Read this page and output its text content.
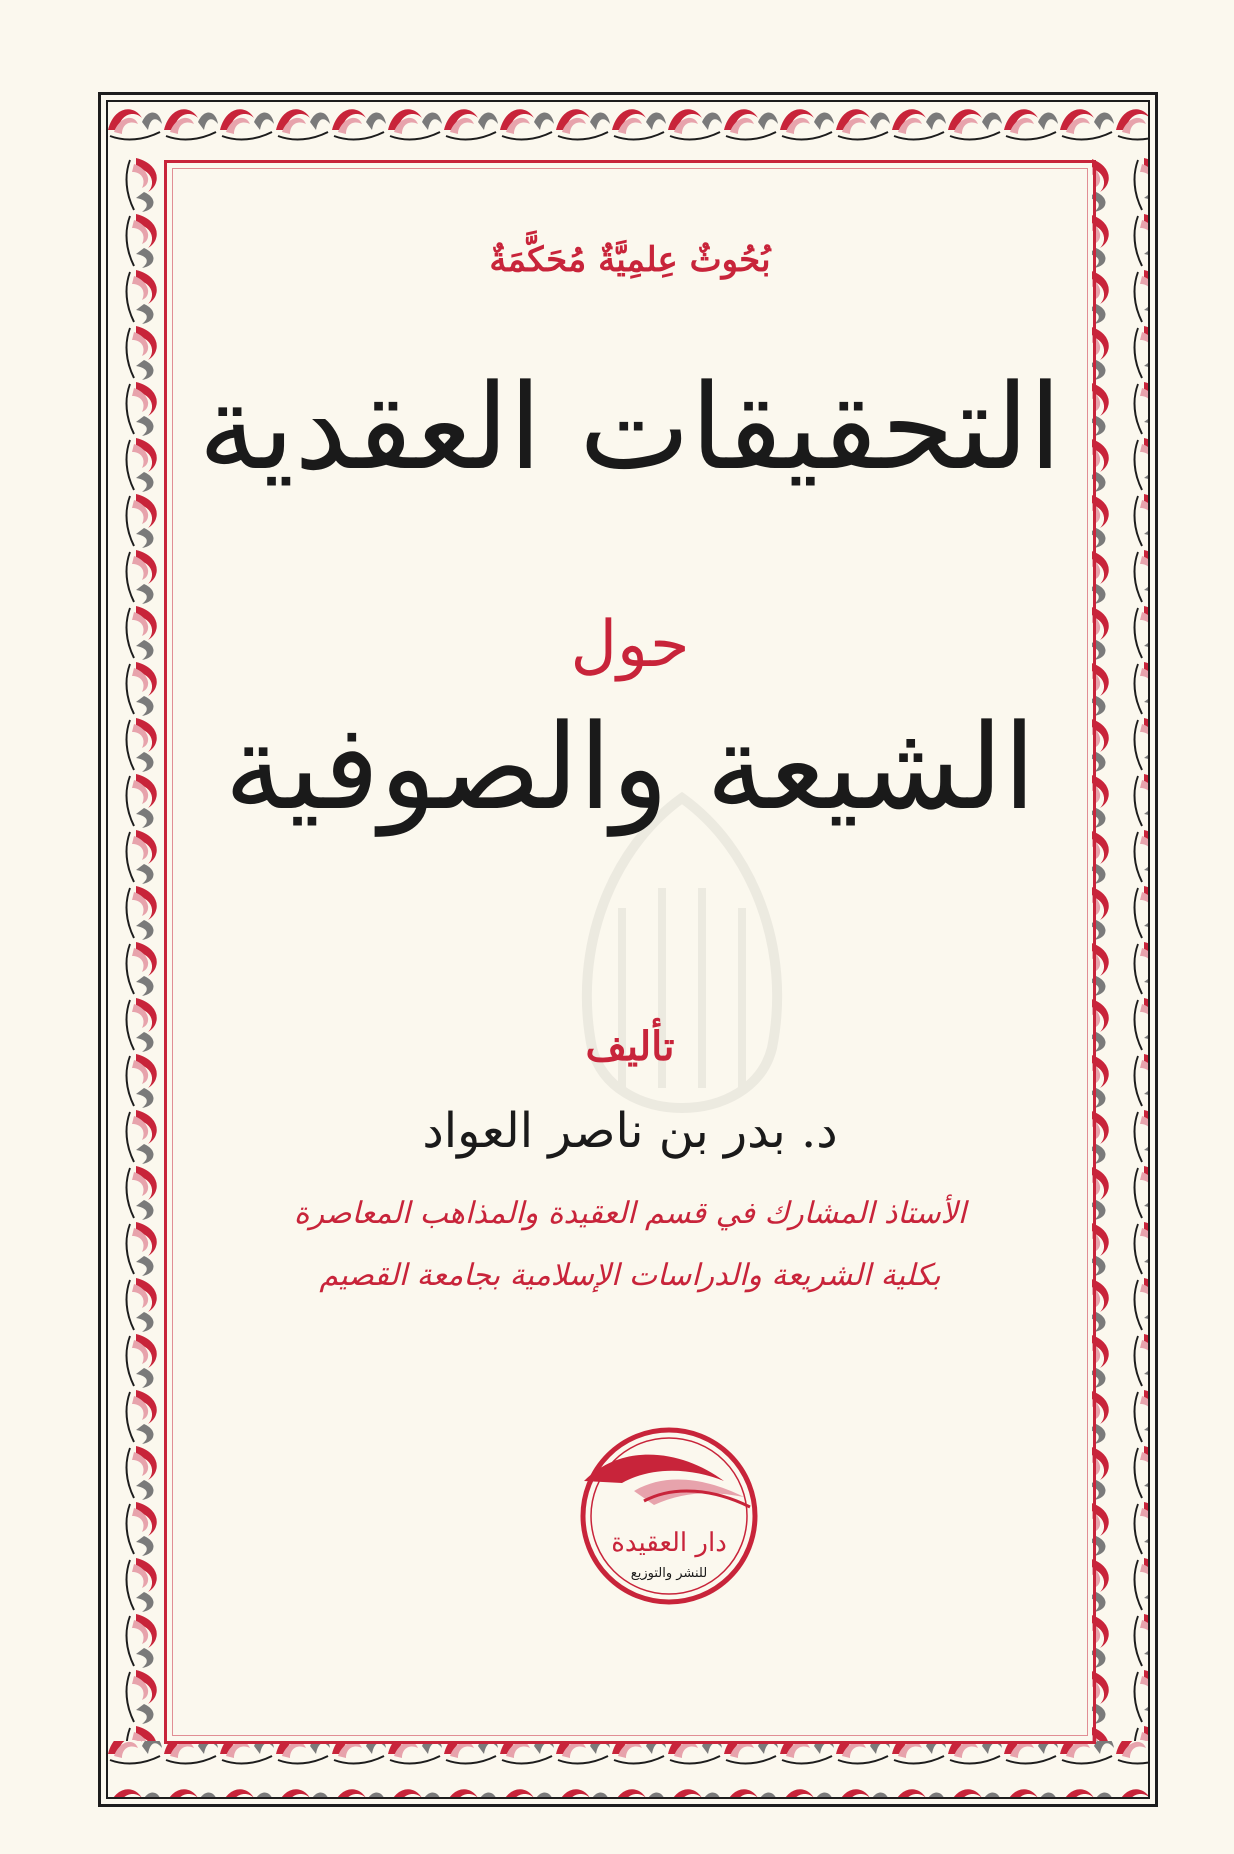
بُحُوثٌ عِلمِيَّةٌ مُحَكَّمَةٌ
التحقيقات العقدية
حول
الشيعة والصوفية
تأليف
د. بدر بن ناصر العواد
الأستاذ المشارك في قسم العقيدة والمذاهب المعاصرة
بكلية الشريعة والدراسات الإسلامية بجامعة القصيم
دار العقيدة
للنشر والتوزيع
